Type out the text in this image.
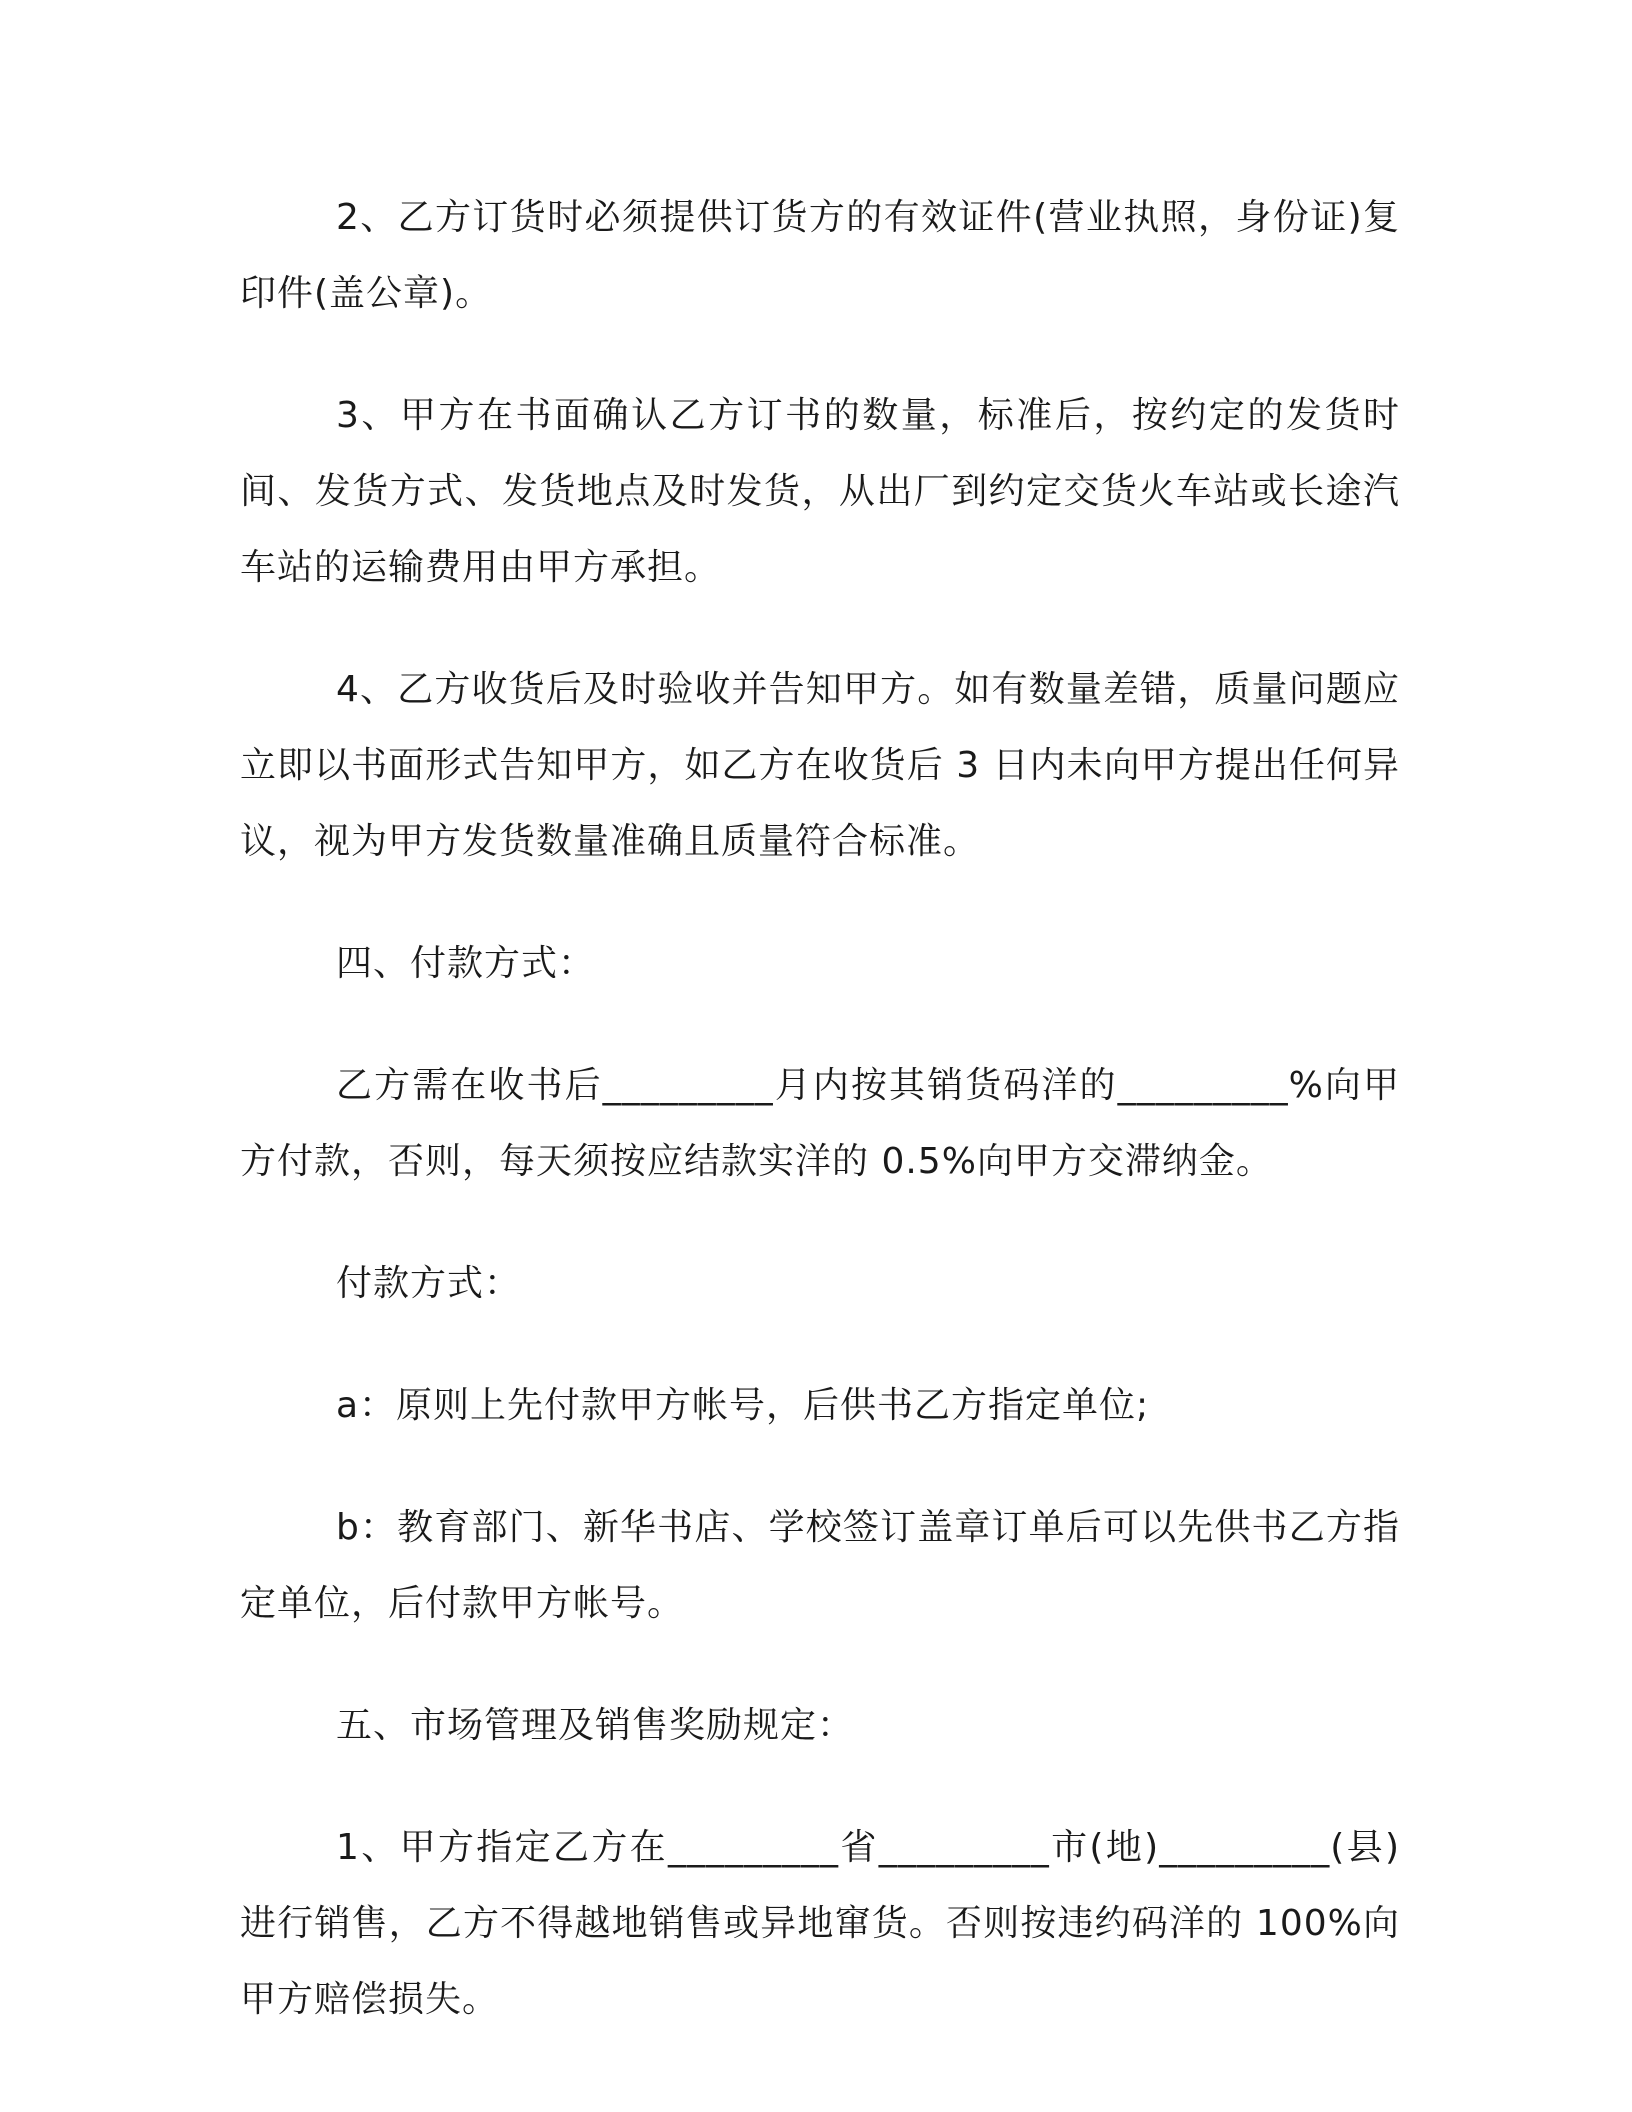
2、乙方订货时必须提供订货方的有效证件(营业执照，身份证)复印件(盖公章)。

3、甲方在书面确认乙方订书的数量，标准后，按约定的发货时间、发货方式、发货地点及时发货，从出厂到约定交货火车站或长途汽车站的运输费用由甲方承担。

4、乙方收货后及时验收并告知甲方。如有数量差错，质量问题应立即以书面形式告知甲方，如乙方在收货后 3 日内未向甲方提出任何异议，视为甲方发货数量准确且质量符合标准。

四、付款方式：

乙方需在收书后_________月内按其销货码洋的_________%向甲方付款，否则，每天须按应结款实洋的 0.5%向甲方交滞纳金。

付款方式：

a：原则上先付款甲方帐号，后供书乙方指定单位;

b：教育部门、新华书店、学校签订盖章订单后可以先供书乙方指定单位，后付款甲方帐号。

五、市场管理及销售奖励规定：

1、甲方指定乙方在_________省_________市(地)_________(县)进行销售，乙方不得越地销售或异地窜货。否则按违约码洋的 100%向甲方赔偿损失。
